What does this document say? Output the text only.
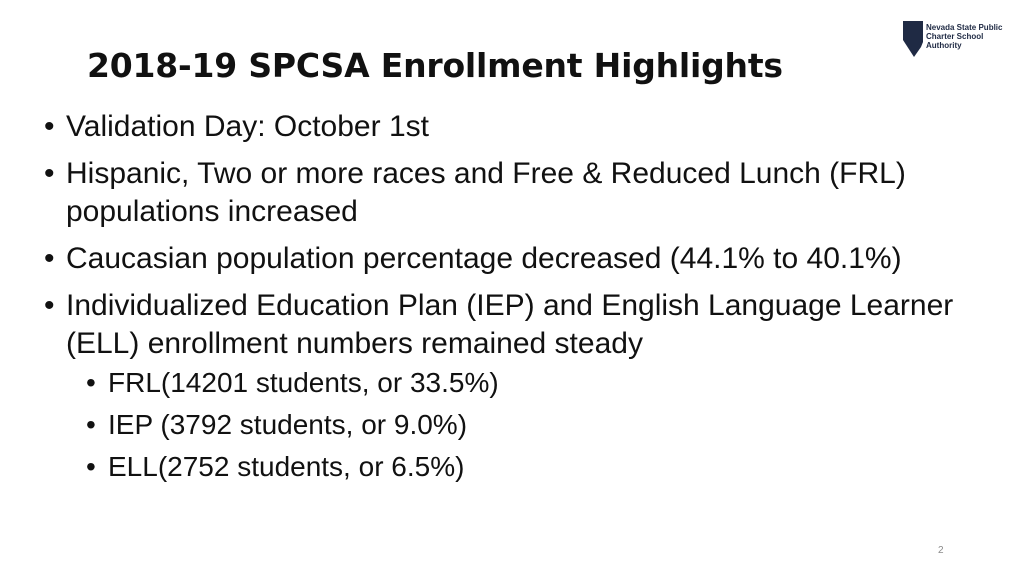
2018-19 SPCSA Enrollment Highlights
Nevada State Public
Charter School
Authority
• Validation Day: October 1st
• Hispanic, Two or more races and Free & Reduced Lunch (FRL) populations increased
• Caucasian population percentage decreased (44.1% to 40.1%)
• Individualized Education Plan (IEP) and English Language Learner (ELL) enrollment numbers remained steady
• FRL(14201 students, or 33.5%)
• IEP (3792 students, or 9.0%)
• ELL(2752 students, or 6.5%)
2
